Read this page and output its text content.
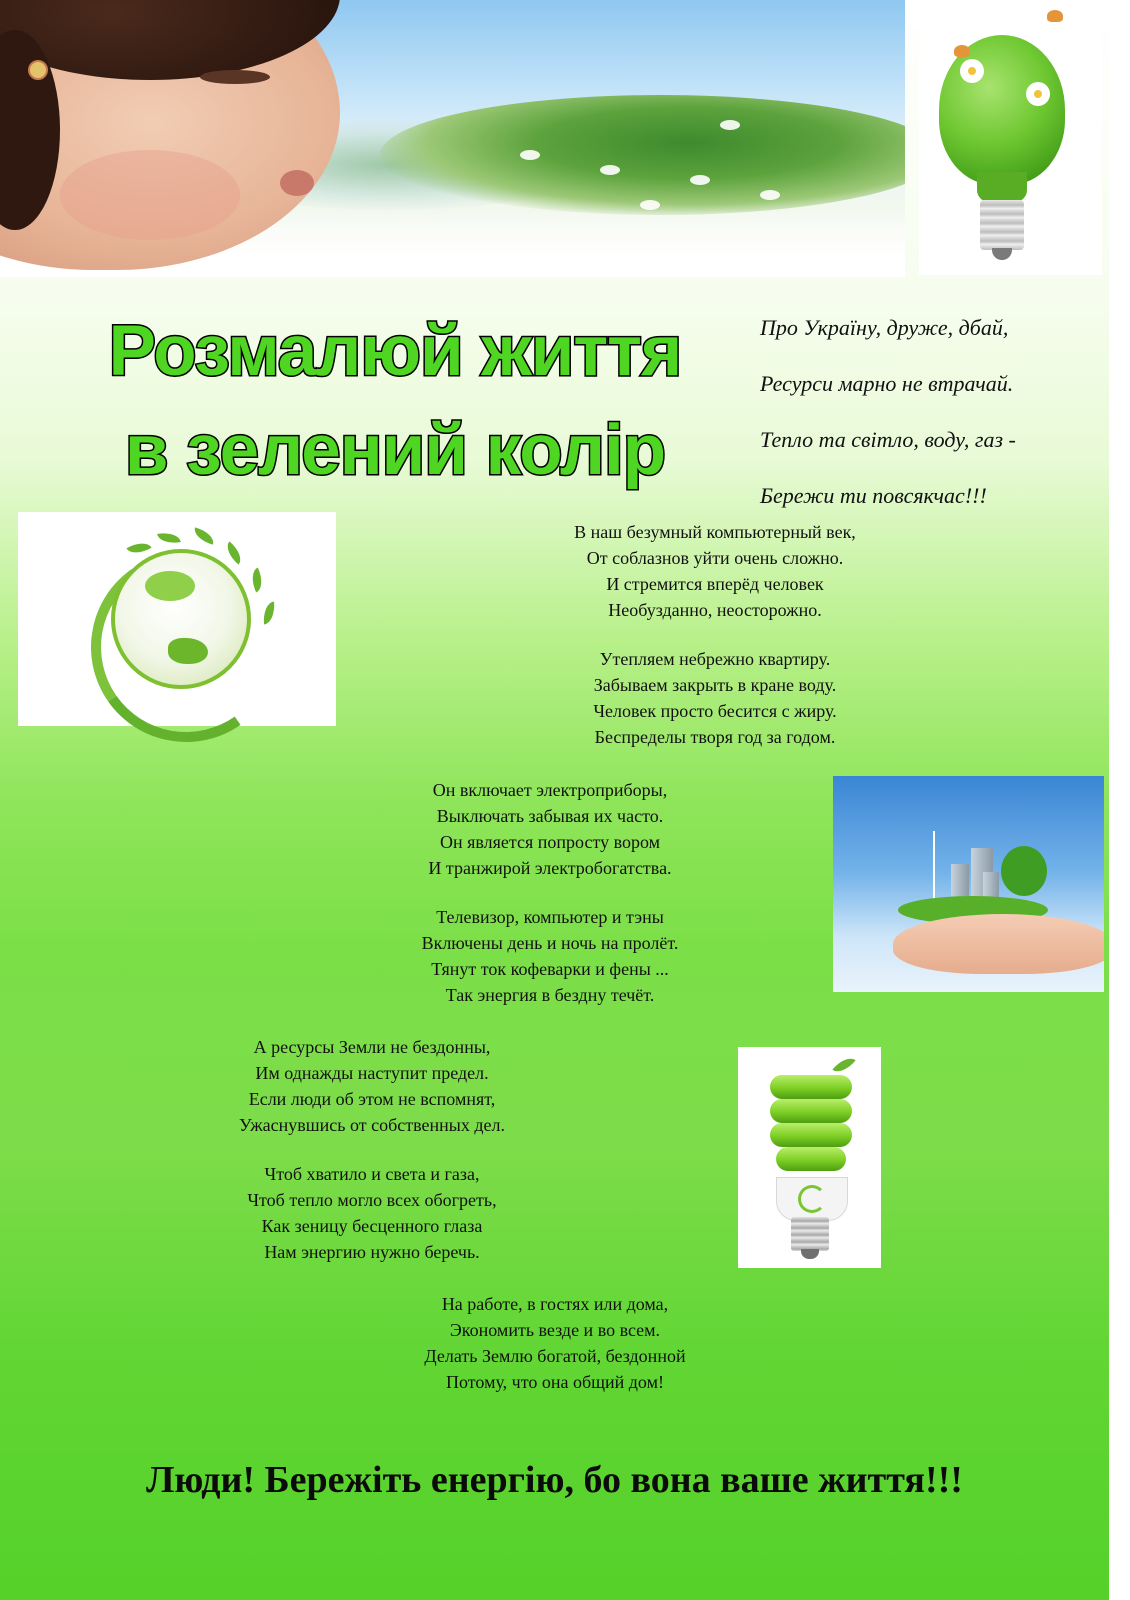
Розмалюй життя
в зелений колір
Про Україну, друже, дбай,
Ресурси марно не втрачай.
Тепло та світло, воду, газ -
Бережи ти повсякчас!!!
В наш безумный компьютерный век,
От соблазнов уйти очень сложно.
И стремится вперёд человек
Необузданно, неосторожно.
Утепляем небрежно квартиру.
Забываем закрыть в кране воду.
Человек просто бесится с жиру.
Беспределы творя год за годом.
Он включает электроприборы,
Выключать забывая их часто.
Он является попросту вором
И транжирой электробогатства.
Телевизор, компьютер и тэны
Включены день и ночь на пролёт.
Тянут ток кофеварки и фены ...
Так энергия в бездну течёт.
А ресурсы Земли не бездонны,
Им однажды наступит предел.
Если люди об этом не вспомнят,
Ужаснувшись от собственных дел.
Чтоб хватило и света и газа,
Чтоб тепло могло всех обогреть,
Как зеницу бесценного глаза
Нам энергию нужно беречь.
На работе, в гостях или дома,
Экономить везде и во всем.
Делать Землю богатой, бездонной
Потому, что она общий дом!

Люди! Бережіть енергію, бо вона ваше життя!!!
